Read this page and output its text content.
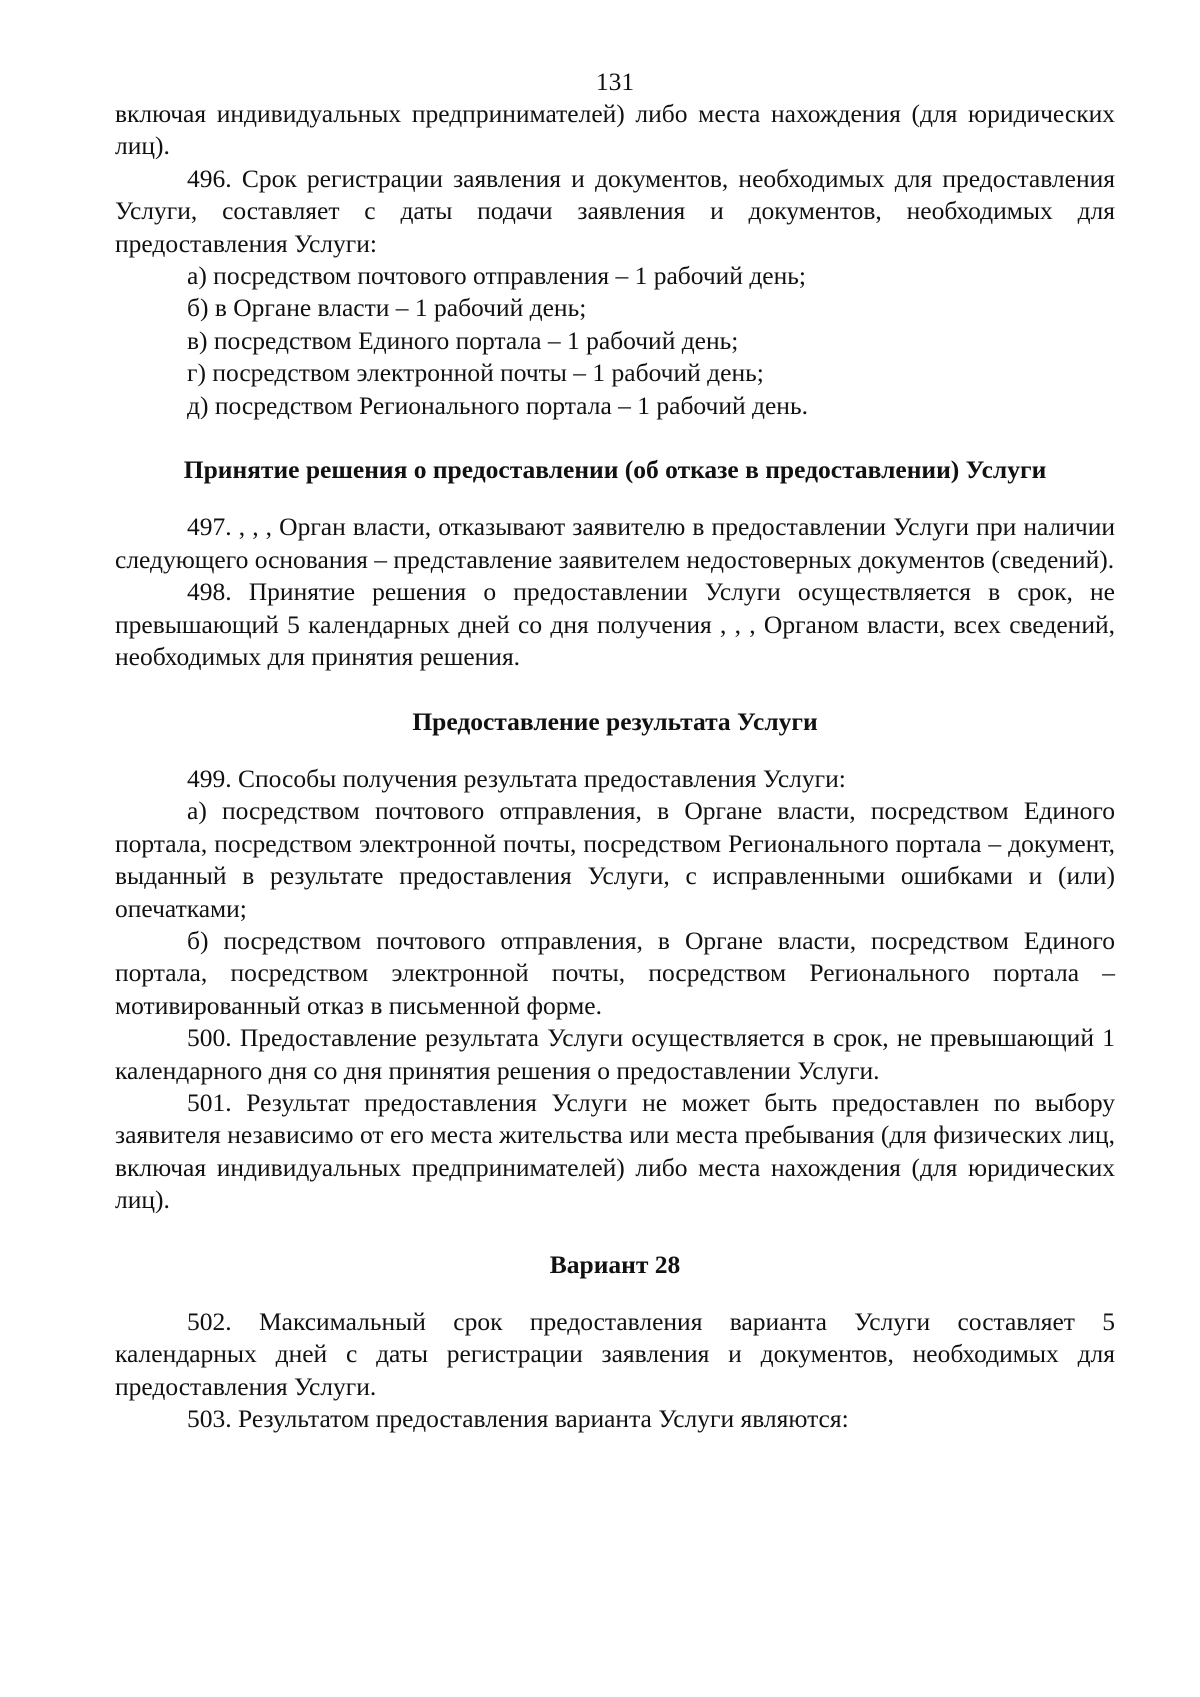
131

включая индивидуальных предпринимателей) либо места нахождения (для юридических лиц).

496. Срок регистрации заявления и документов, необходимых для предоставления Услуги, составляет с даты подачи заявления и документов, необходимых для предоставления Услуги:

а) посредством почтового отправления – 1 рабочий день;

б) в Органе власти – 1 рабочий день;

в) посредством Единого портала – 1 рабочий день;

г) посредством электронной почты – 1 рабочий день;

д) посредством Регионального портала – 1 рабочий день.

Принятие решения о предоставлении (об отказе в предоставлении) Услуги

497. , , , Орган власти, отказывают заявителю в предоставлении Услуги при наличии следующего основания – представление заявителем недостоверных документов (сведений).

498. Принятие решения о предоставлении Услуги осуществляется в срок, не превышающий 5 календарных дней со дня получения , , , Органом власти, всех сведений, необходимых для принятия решения.

Предоставление результата Услуги

499. Способы получения результата предоставления Услуги:

а) посредством почтового отправления, в Органе власти, посредством Единого портала, посредством электронной почты, посредством Регионального портала – документ, выданный в результате предоставления Услуги, с исправленными ошибками и (или) опечатками;

б) посредством почтового отправления, в Органе власти, посредством Единого портала, посредством электронной почты, посредством Регионального портала – мотивированный отказ в письменной форме.

500. Предоставление результата Услуги осуществляется в срок, не превышающий 1 календарного дня со дня принятия решения о предоставлении Услуги.

501. Результат предоставления Услуги не может быть предоставлен по выбору заявителя независимо от его места жительства или места пребывания (для физических лиц, включая индивидуальных предпринимателей) либо места нахождения (для юридических лиц).

Вариант 28

502. Максимальный срок предоставления варианта Услуги составляет 5 календарных дней с даты регистрации заявления и документов, необходимых для предоставления Услуги.

503. Результатом предоставления варианта Услуги являются:
